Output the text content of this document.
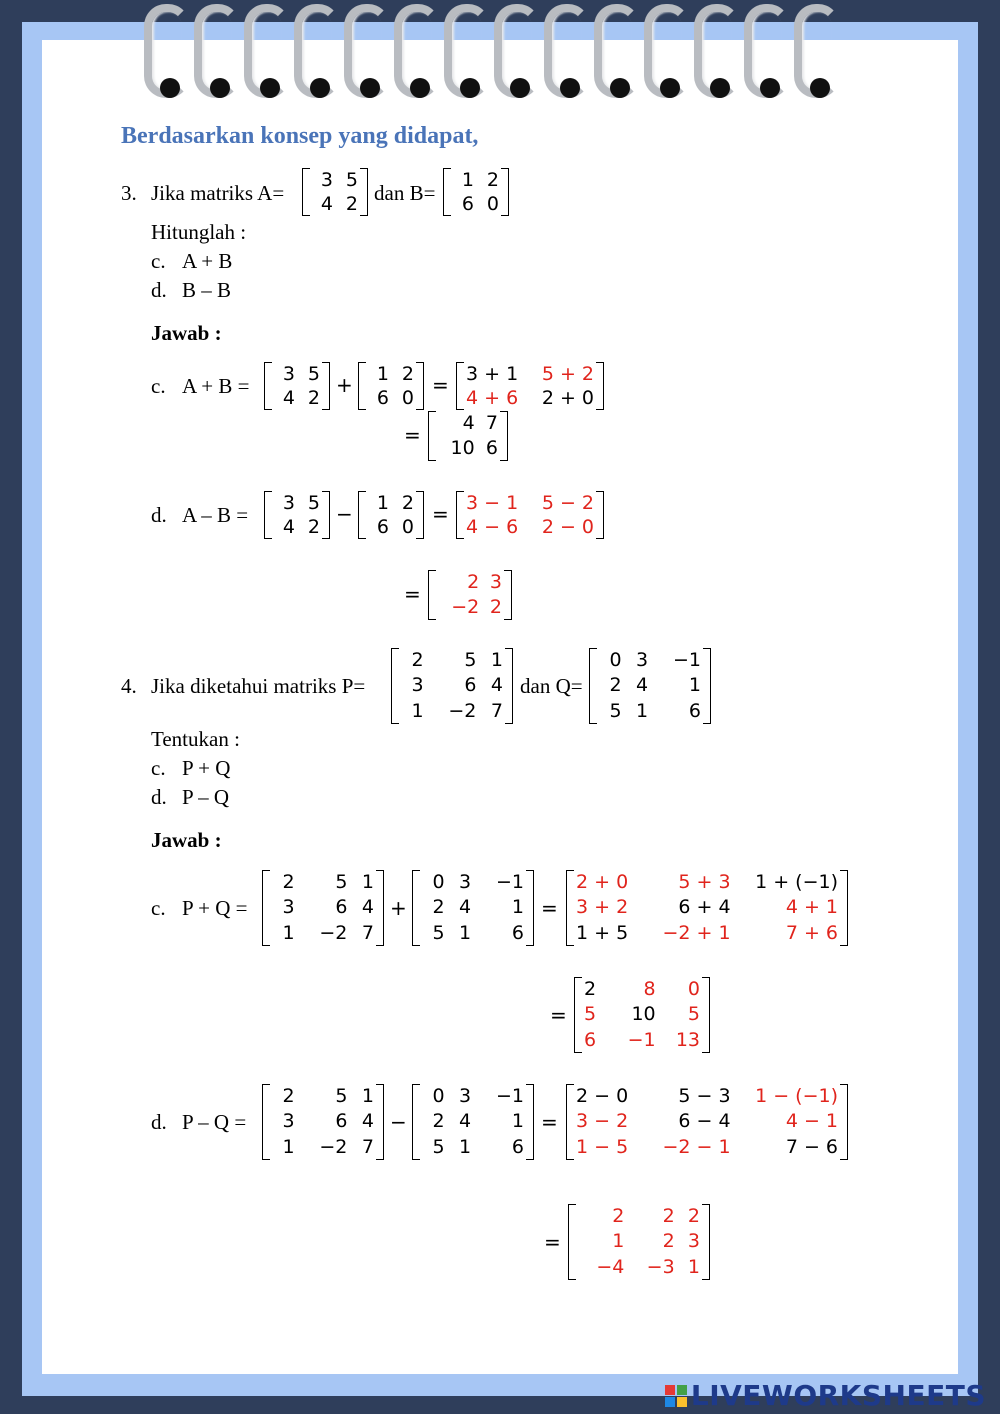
Berdasarkan konsep yang didapat,
3. Jika matriks A=
3	5
4	2 dan B=
1	2
6	0
Hitunglah :
c. A + B
d. B – B
Jawab :
c. A + B =
3	5
4	2
+ 1	2
6	0
= 3 + 1	5 + 2
4 + 6	2 + 0
= 4	7
10	6
d. A – B =
3	5
4	2
− 1	2
6	0
= 3 − 1	5 − 2
4 − 6	2 − 0
= 2	3
−2	2
4. Jika diketahui matriks P=
2	5	1
3	6	4
1	−2	7
dan Q=
0	3	−1
2	4	1
5	1	6
Tentukan :
c. P + Q
d. P – Q
Jawab :
c. P + Q =
2	5	1
3	6	4
1	−2	7
+
0	3	−1
2	4	1
5	1	6
=
2 + 0	5 + 3	1 + (−1)
3 + 2	6 + 4	4 + 1
1 + 5	−2 + 1	7 + 6
=
2	8	0
5	10	5
6	−1	13
d. P – Q =
2	5	1
3	6	4
1	−2	7
−
0	3	−1
2	4	1
5	1	6
=
2 − 0	5 − 3	1 − (−1)
3 − 2	6 − 4	4 − 1
1 − 5	−2 − 1	7 − 6
=
2	2	2
1	2	3
−4	−3	1
LIVEWORKSHEETS
